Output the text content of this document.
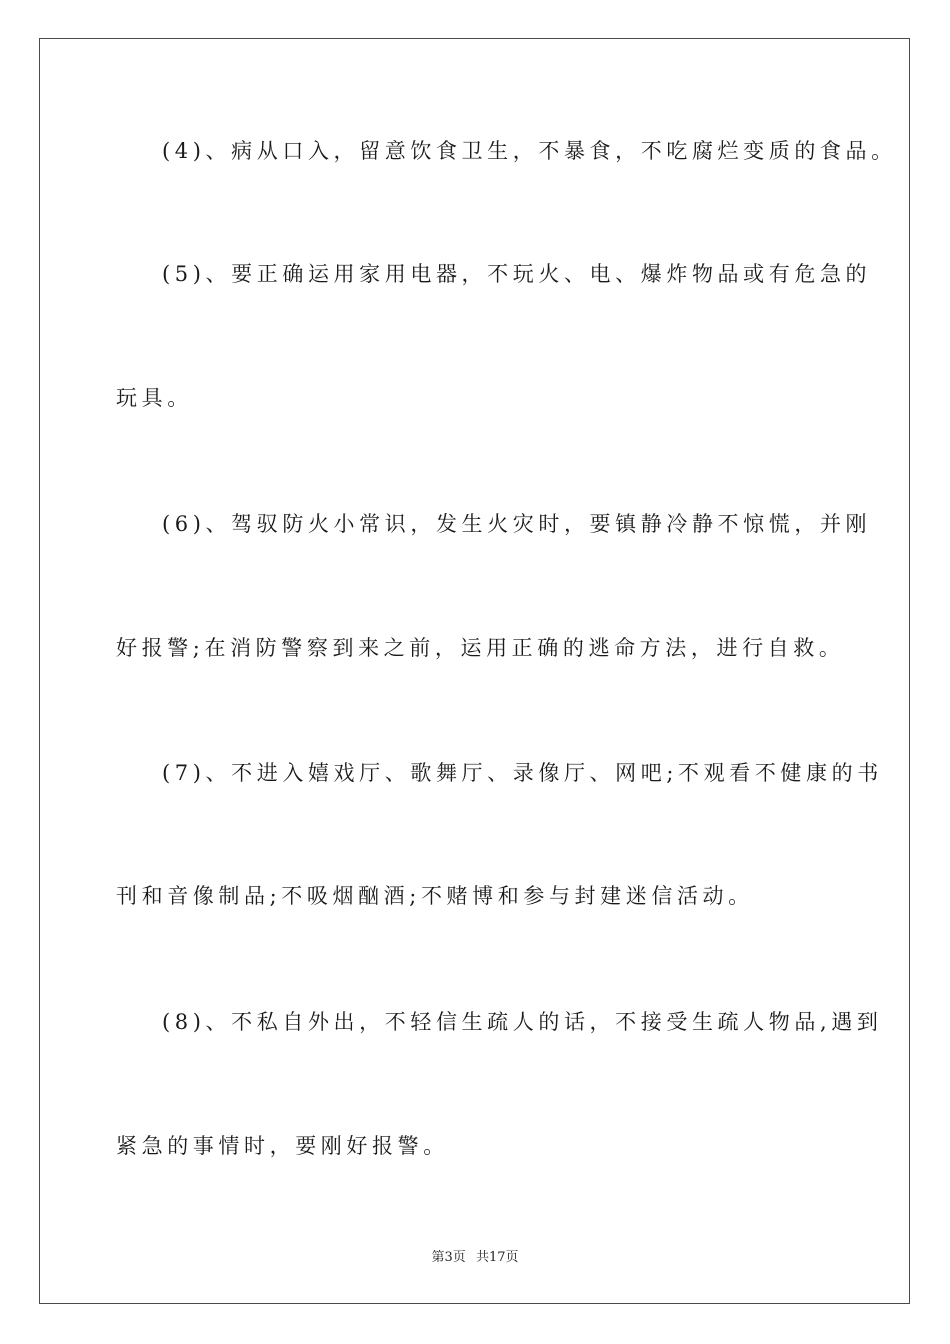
(4)、病从口入，留意饮食卫生，不暴食，不吃腐烂变质的食品。
(5)、要正确运用家用电器，不玩火、电、爆炸物品或有危急的
玩具。
(6)、驾驭防火小常识，发生火灾时，要镇静冷静不惊慌，并刚
好报警;在消防警察到来之前，运用正确的逃命方法，进行自救。
(7)、不进入嬉戏厅、歌舞厅、录像厅、网吧;不观看不健康的书
刊和音像制品;不吸烟酗酒;不赌博和参与封建迷信活动。
(8)、不私自外出，不轻信生疏人的话，不接受生疏人物品,遇到
紧急的事情时，要刚好报警。
第3页 共17页
